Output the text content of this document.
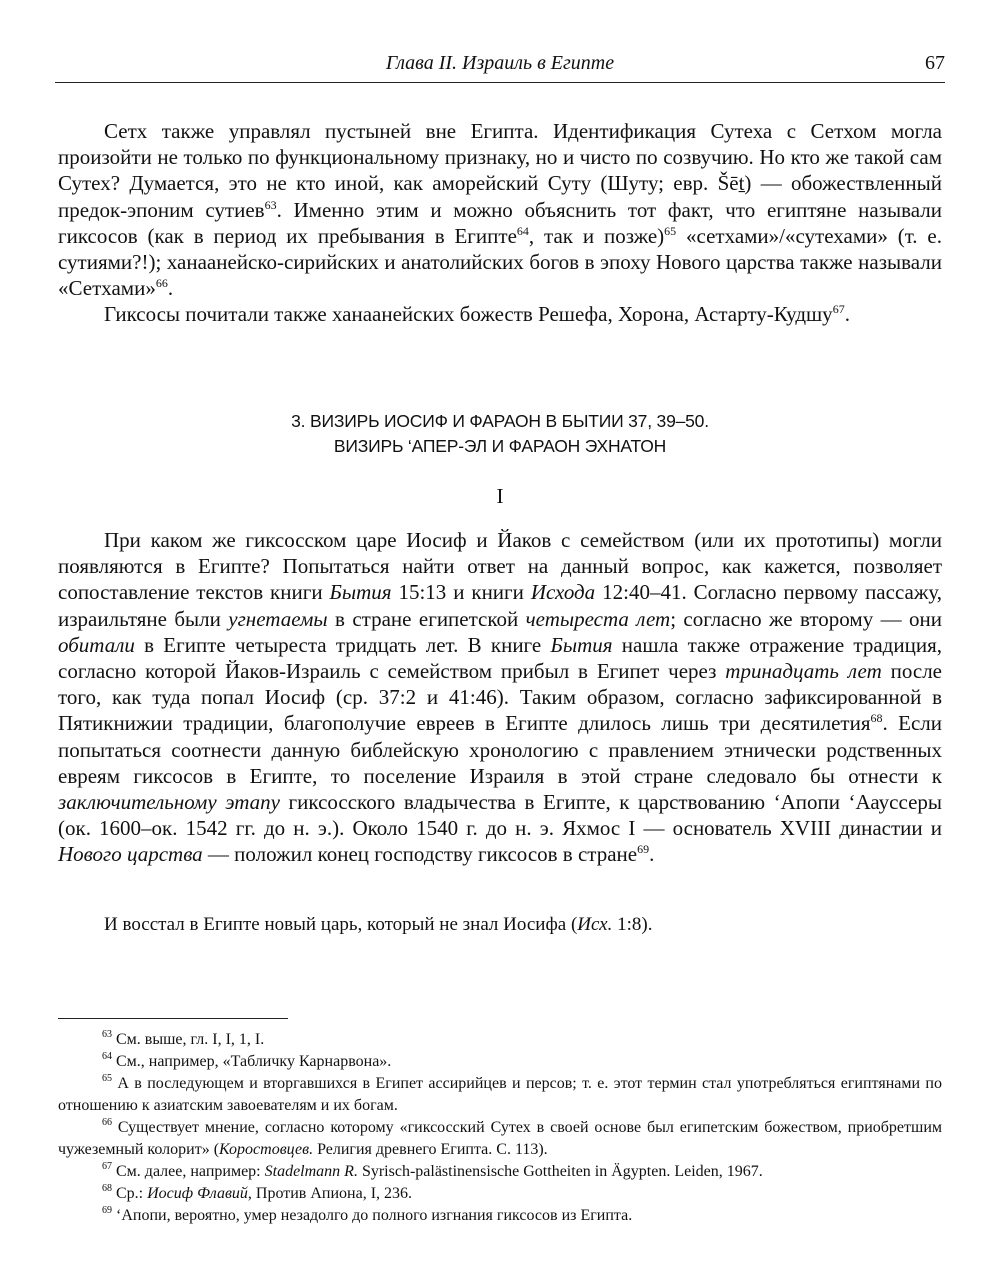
Глава II. Израиль в Египте	67

Сетх также управлял пустыней вне Египта. Идентификация Сутеха с Сетхом могла произойти не только по функциональному признаку, но и чисто по созвучию. Но кто же такой сам Сутех? Думается, это не кто иной, как аморейский Суту (Шуту; евр. Šēṯ) — обожествленный предок-эпоним сутиев$^{63}$. Именно этим и можно объяснить тот факт, что египтяне называли гиксосов (как в период их пребывания в Египте$^{64}$, так и позже)$^{65}$ «сетхами»/«сутехами» (т. е. сутиями?!); ханаанейско-сирийских и анатолийских богов в эпоху Нового царства также называли «Сетхами»$^{66}$.

Гиксосы почитали также ханаанейских божеств Решефа, Хорона, Астарту-Кудшу$^{67}$.

3. ВИЗИРЬ ИОСИФ И ФАРАОН В БЫТИИ 37, 39–50.
ВИЗИРЬ ‘АПЕР-ЭЛ И ФАРАОН ЭХНАТОН
I

При каком же гиксосском царе Иосиф и Йаков с семейством (или их прототипы) могли появляются в Египте? Попытаться найти ответ на данный вопрос, как кажется, позволяет сопоставление текстов книги Бытия 15:13 и книги Исхода 12:40–41. Согласно первому пассажу, израильтяне были угнетаемы в стране египетской четыреста лет; согласно же второму — они обитали в Египте четыреста тридцать лет. В книге Бытия нашла также отражение традиция, согласно которой Йаков-Израиль с семейством прибыл в Египет через тринадцать лет после того, как туда попал Иосиф (ср. 37:2 и 41:46). Таким образом, согласно зафиксированной в Пятикнижии традиции, благополучие евреев в Египте длилось лишь три десятилетия$^{68}$. Если попытаться соотнести данную библейскую хронологию с правлением этнически родственных евреям гиксосов в Египте, то поселение Израиля в этой стране следовало бы отнести к заключительному этапу гиксосского владычества в Египте, к царствованию ‘Апопи ‘Аауссеры (ок. 1600–ок. 1542 гг. до н. э.). Около 1540 г. до н. э. Яхмос I — основатель XVIII династии и Нового царства — положил конец господству гиксосов в стране$^{69}$.

И восстал в Египте новый царь, который не знал Иосифа (Исх. 1:8).

$^{63}$ См. выше, гл. I, I, 1, I.

$^{64}$ См., например, «Табличку Карнарвона».

$^{65}$ А в последующем и вторгавшихся в Египет ассирийцев и персов; т. е. этот термин стал употребляться египтянами по отношению к азиатским завоевателям и их богам.

$^{66}$ Существует мнение, согласно которому «гиксосский Сутех в своей основе был египетским божеством, приобретшим чужеземный колорит» (Коростовцев. Религия древнего Египта. С. 113).

$^{67}$ См. далее, например: Stadelmann R. Syrisch-palästinensische Gottheiten in Ägypten. Leiden, 1967.

$^{68}$ Ср.: Иосиф Флавий, Против Апиона, I, 236.

$^{69}$ ‘Апопи, вероятно, умер незадолго до полного изгнания гиксосов из Египта.
